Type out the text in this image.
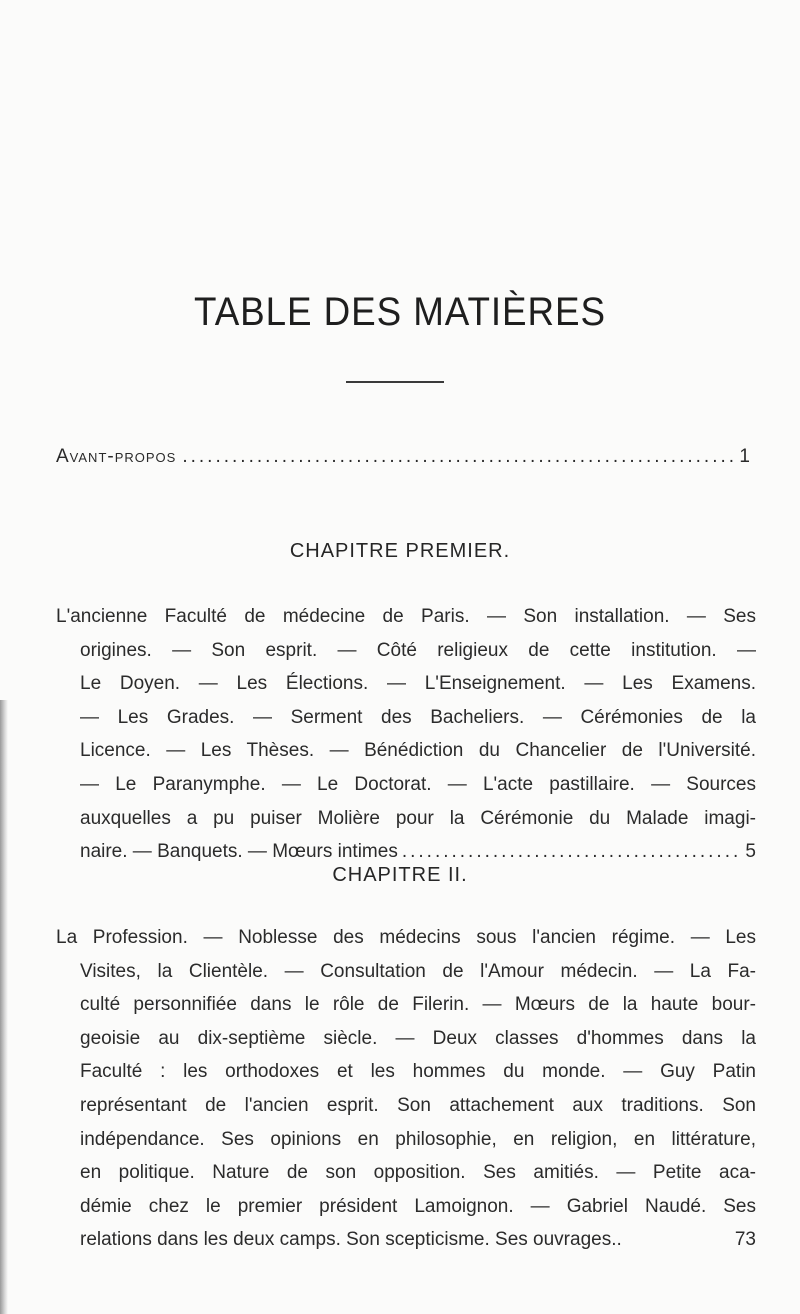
TABLE DES MATIÈRES
Avant-propos .....	1
CHAPITRE PREMIER.
L'ancienne Faculté de médecine de Paris. — Son installation. — Ses
origines. — Son esprit. — Côté religieux de cette institution. —
Le Doyen. — Les Élections. — L'Enseignement. — Les Examens.
— Les Grades. — Serment des Bacheliers. — Cérémonies de la
Licence. — Les Thèses. — Bénédiction du Chancelier de l'Université.
— Le Paranymphe. — Le Doctorat. — L'acte pastillaire. — Sources
auxquelles a pu puiser Molière pour la Cérémonie du Malade imagi-
naire. — Banquets. — Mœurs intimes .....	5
CHAPITRE II.
La Profession. — Noblesse des médecins sous l'ancien régime. — Les
Visites, la Clientèle. — Consultation de l'Amour médecin. — La Fa-
culté personnifiée dans le rôle de Filerin. — Mœurs de la haute bour-
geoisie au dix-septième siècle. — Deux classes d'hommes dans la
Faculté : les orthodoxes et les hommes du monde. — Guy Patin
représentant de l'ancien esprit. Son attachement aux traditions. Son
indépendance. Ses opinions en philosophie, en religion, en littérature,
en politique. Nature de son opposition. Ses amitiés. — Petite aca-
démie chez le premier président Lamoignon. — Gabriel Naudé. Ses
relations dans les deux camps. Son scepticisme. Ses ouvrages..	73
